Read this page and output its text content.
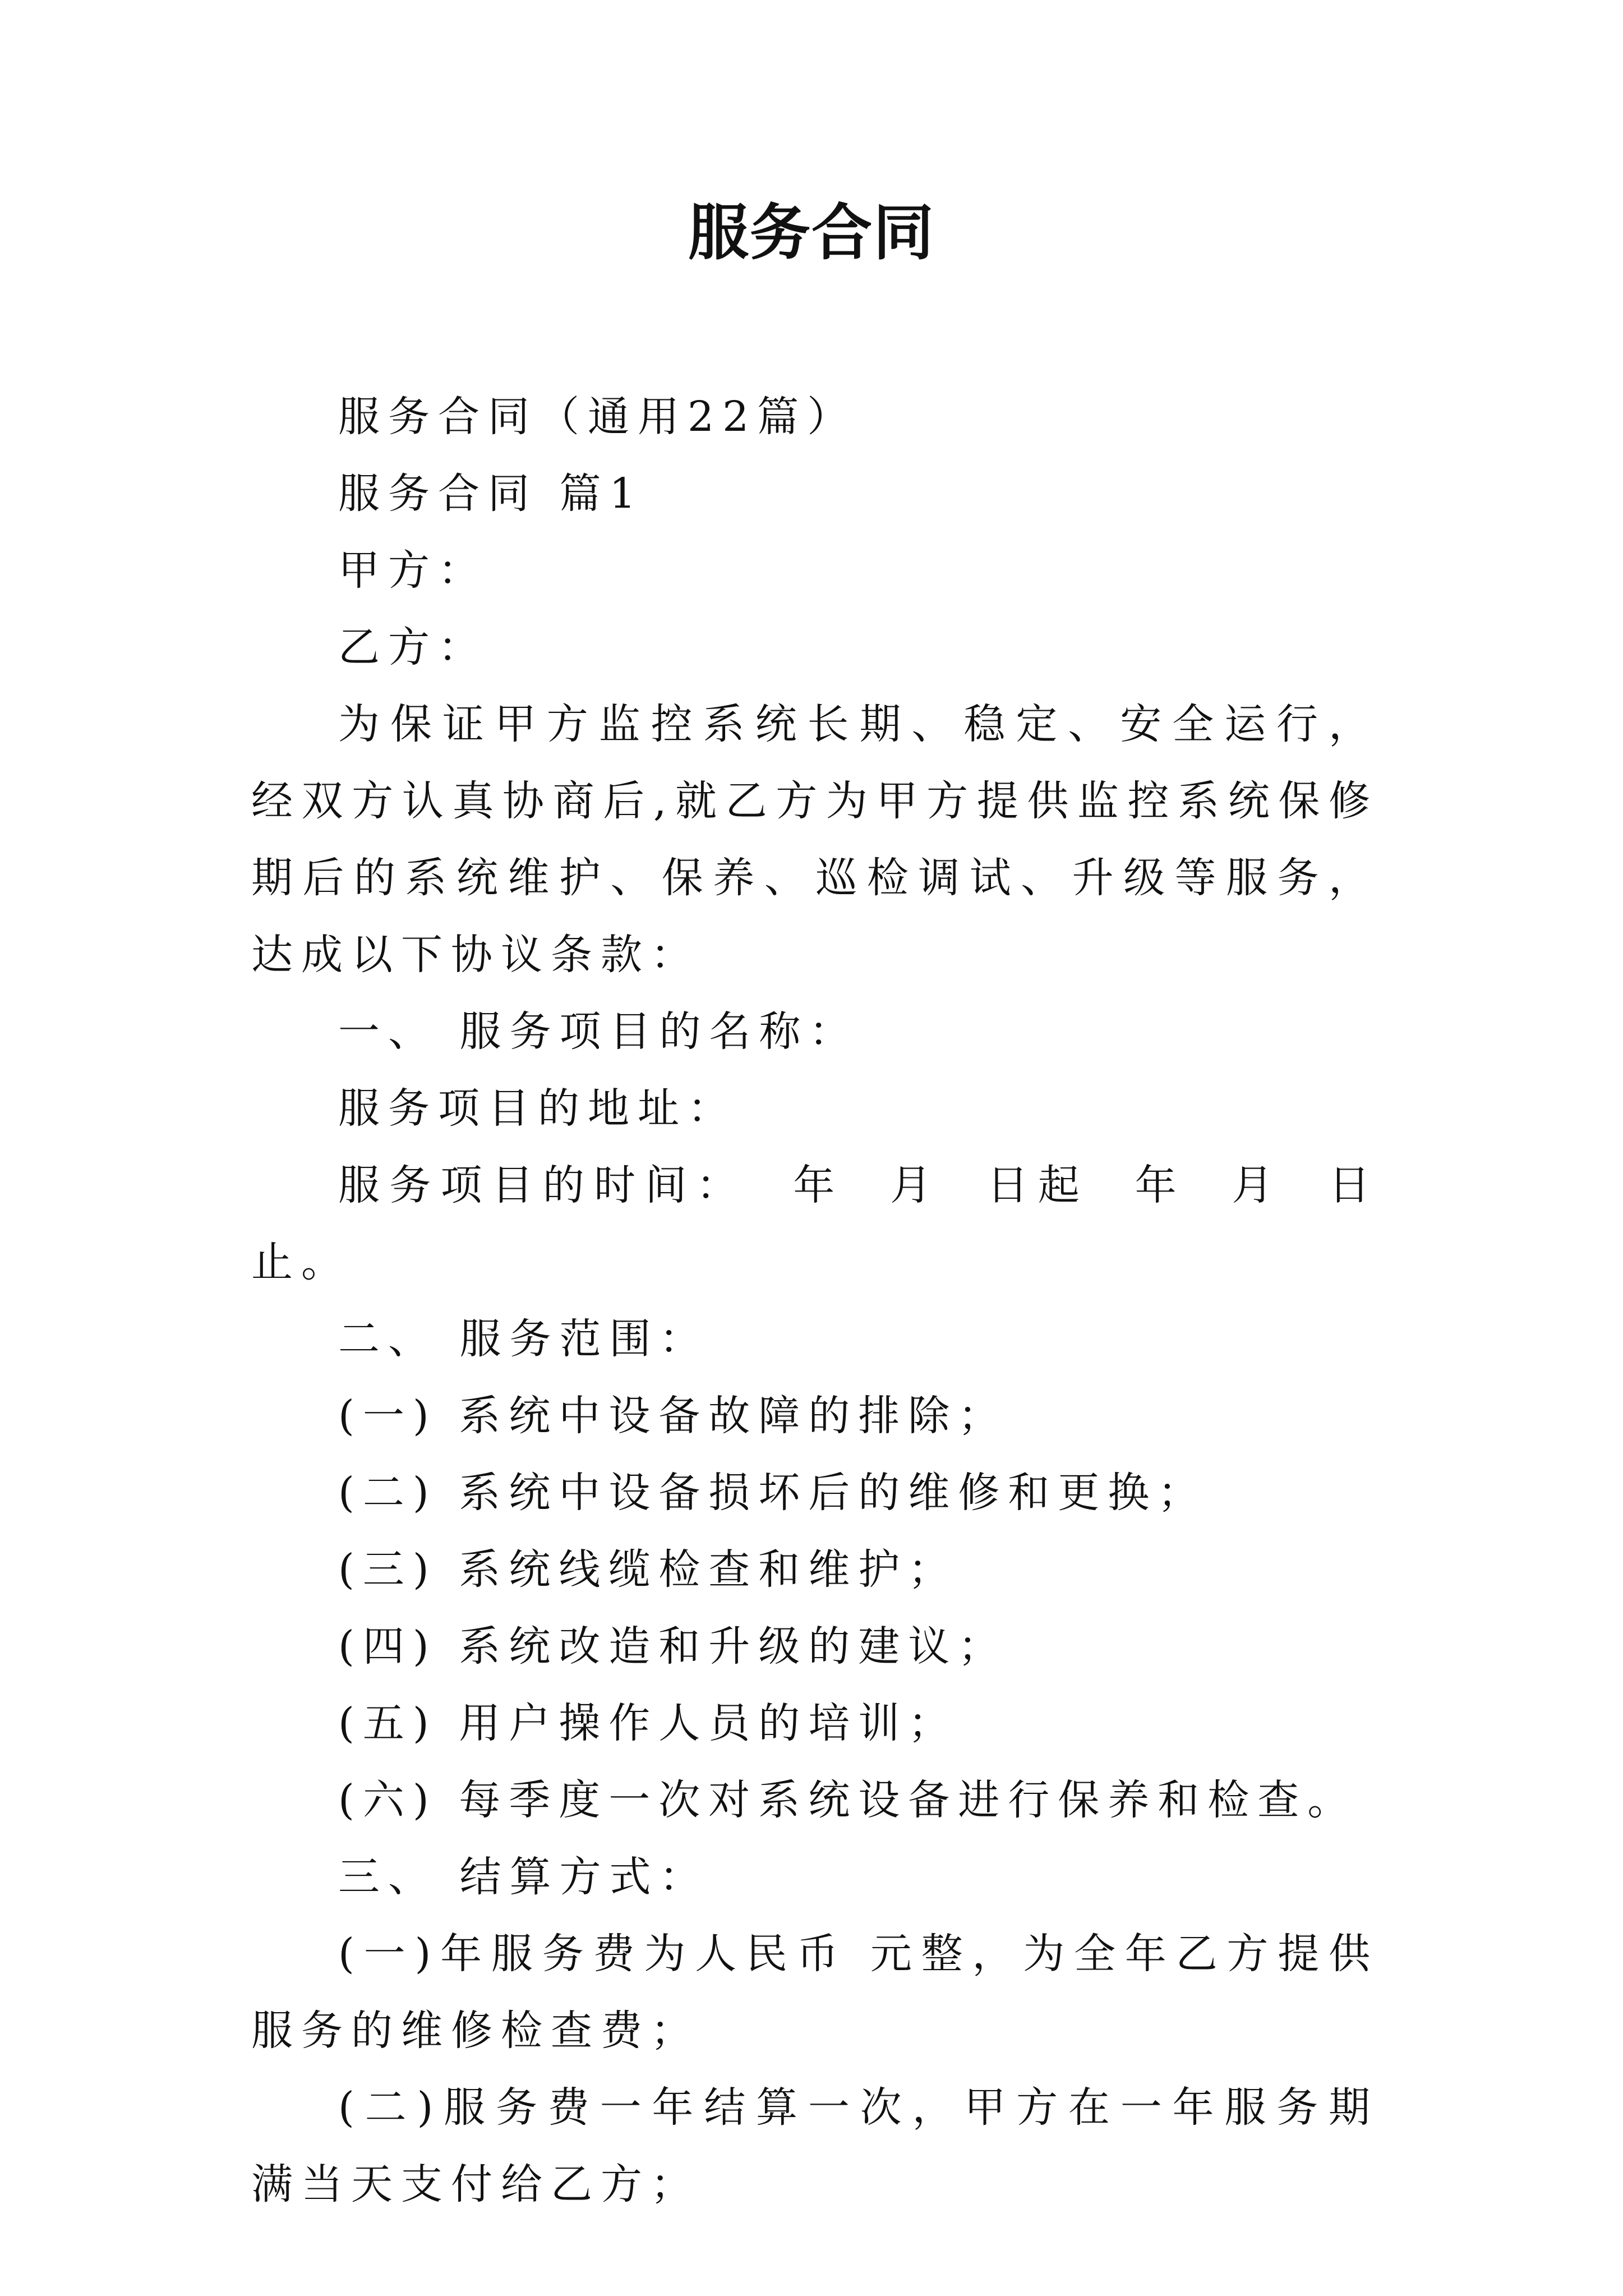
服务合同

服务合同（通用22篇）

服务合同 篇1

甲方：

乙方：

为保证甲方监控系统长期、稳定、安全运行，经双方认真协商后,就乙方为甲方提供监控系统保修期后的系统维护、保养、巡检调试、升级等服务，达成以下协议条款：

一、 服务项目的名称：

服务项目的地址：

服务项目的时间：  年  月  日起  年  月  日止。

二、 服务范围：

(一) 系统中设备故障的排除；

(二) 系统中设备损坏后的维修和更换；

(三) 系统线缆检查和维护；

(四) 系统改造和升级的建议；

(五) 用户操作人员的培训；

(六) 每季度一次对系统设备进行保养和检查。

三、 结算方式：

(一)年服务费为人民币 元整，为全年乙方提供服务的维修检查费；

(二)服务费一年结算一次，甲方在一年服务期满当天支付给乙方；
